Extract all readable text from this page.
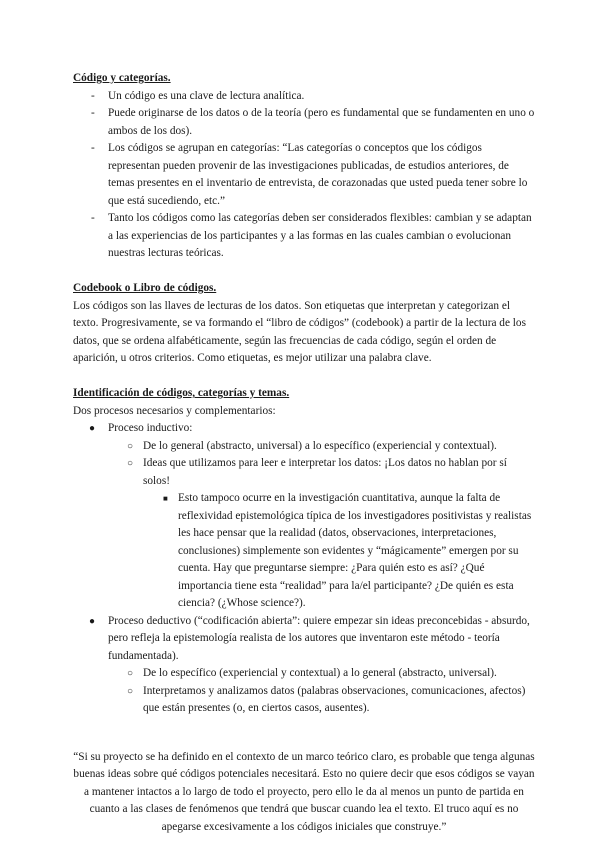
Código y categorías.
- Un código es una clave de lectura analítica.
- Puede originarse de los datos o de la teoría (pero es fundamental que se fundamenten en uno o ambos de los dos).
- Los códigos se agrupan en categorías: “Las categorías o conceptos que los códigos representan pueden provenir de las investigaciones publicadas, de estudios anteriores, de temas presentes en el inventario de entrevista, de corazonadas que usted pueda tener sobre lo que está sucediendo, etc.”
- Tanto los códigos como las categorías deben ser considerados flexibles: cambian y se adaptan a las experiencias de los participantes y a las formas en las cuales cambian o evolucionan nuestras lecturas teóricas.
Codebook o Libro de códigos.

Los códigos son las llaves de lecturas de los datos. Son etiquetas que interpretan y categorizan el texto. Progresivamente, se va formando el “libro de códigos” (codebook) a partir de la lectura de los datos, que se ordena alfabéticamente, según las frecuencias de cada código, según el orden de aparición, u otros criterios. Como etiquetas, es mejor utilizar una palabra clave.

Identificación de códigos, categorías y temas.

Dos procesos necesarios y complementarios:

● Proceso inductivo:
○ De lo general (abstracto, universal) a lo específico (experiencial y contextual).
○ Ideas que utilizamos para leer e interpretar los datos: ¡Los datos no hablan por sí solos!
■ Esto tampoco ocurre en la investigación cuantitativa, aunque la falta de reflexividad epistemológica típica de los investigadores positivistas y realistas les hace pensar que la realidad (datos, observaciones, interpretaciones, conclusiones) simplemente son evidentes y “mágicamente” emergen por su cuenta. Hay que preguntarse siempre: ¿Para quién esto es así? ¿Qué importancia tiene esta “realidad” para la/el participante? ¿De quién es esta ciencia? (¿Whose science?).
● Proceso deductivo (“codificación abierta”: quiere empezar sin ideas preconcebidas - absurdo, pero refleja la epistemología realista de los autores que inventaron este método - teoría fundamentada).
○ De lo específico (experiencial y contextual) a lo general (abstracto, universal).
○ Interpretamos y analizamos datos (palabras observaciones, comunicaciones, afectos) que están presentes (o, en ciertos casos, ausentes).

“Si su proyecto se ha definido en el contexto de un marco teórico claro, es probable que tenga algunas buenas ideas sobre qué códigos potenciales necesitará. Esto no quiere decir que esos códigos se vayan a mantener intactos a lo largo de todo el proyecto, pero ello le da al menos un punto de partida en cuanto a las clases de fenómenos que tendrá que buscar cuando lea el texto. El truco aquí es no apegarse excesivamente a los códigos iniciales que construye.”
